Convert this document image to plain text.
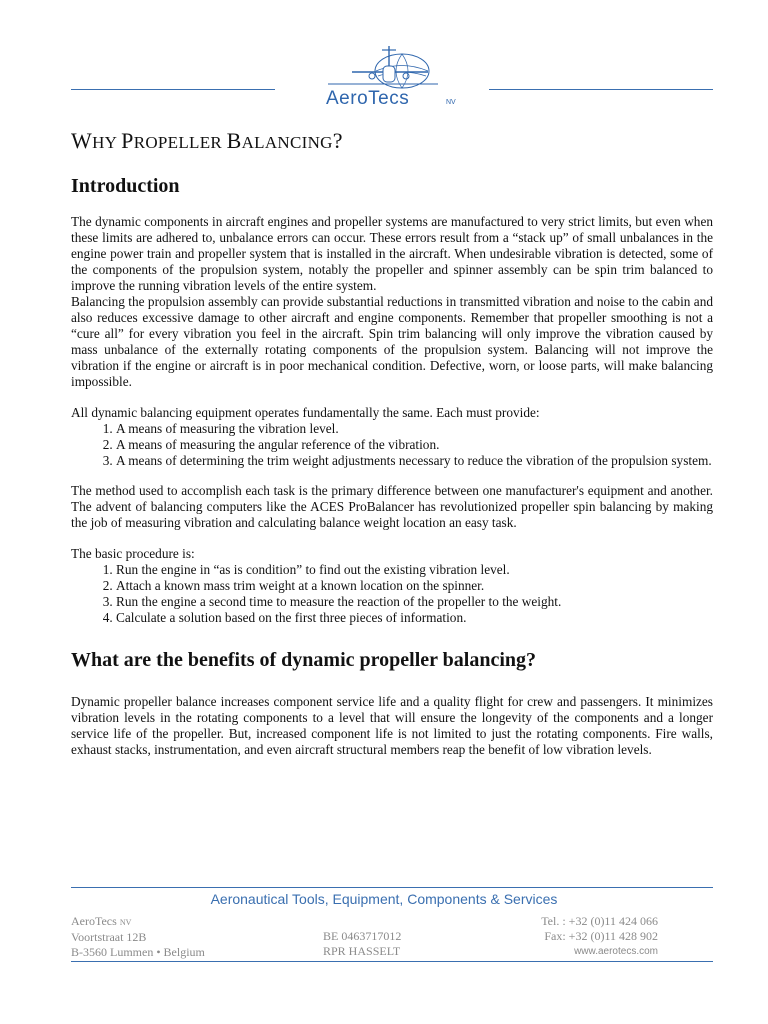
AeroTecs	NV
WHY PROPELLER BALANCING?
Introduction

The dynamic components in aircraft engines and propeller systems are manufactured to very strict limits, but even when these limits are adhered to, unbalance errors can occur. These errors result from a “stack up” of small unbalances in the engine power train and propeller system that is installed in the aircraft. When undesirable vibration is detected, some of the components of the propulsion system, notably the propeller and spinner assembly can be spin trim balanced to improve the running vibration levels of the entire system.

Balancing the propulsion assembly can provide substantial reductions in transmitted vibration and noise to the cabin and also reduces excessive damage to other aircraft and engine components. Remember that propeller smoothing is not a “cure all” for every vibration you feel in the aircraft. Spin trim balancing will only improve the vibration caused by mass unbalance of the externally rotating components of the propulsion system. Balancing will not improve the vibration if the engine or aircraft is in poor mechanical condition. Defective, worn, or loose parts, will make balancing impossible.

All dynamic balancing equipment operates fundamentally the same. Each must provide:

1. A means of measuring the vibration level.
2. A means of measuring the angular reference of the vibration.
3. A means of determining the trim weight adjustments necessary to reduce the vibration of the propulsion system.

The method used to accomplish each task is the primary difference between one manufacturer's equipment and another. The advent of balancing computers like the ACES ProBalancer has revolutionized propeller spin balancing by making the job of measuring vibration and calculating balance weight location an easy task.

The basic procedure is:

1. Run the engine in “as is condition” to find out the existing vibration level.
2. Attach a known mass trim weight at a known location on the spinner.
3. Run the engine a second time to measure the reaction of the propeller to the weight.
4. Calculate a solution based on the first three pieces of information.
What are the benefits of dynamic propeller balancing?

Dynamic propeller balance increases component service life and a quality flight for crew and passengers. It minimizes vibration levels in the rotating components to a level that will ensure the longevity of the components and a longer service life of the propeller. But, increased component life is not limited to just the rotating components. Fire walls, exhaust stacks, instrumentation, and even aircraft structural members reap the benefit of low vibration levels.

Aeronautical Tools, Equipment, Components & Services
AeroTecs NV
Voortstraat 12B
B-3560 Lummen • Belgium

BE 0463717012
RPR HASSELT
Tel. : +32 (0)11 424 066
Fax: +32 (0)11 428 902
www.aerotecs.com
